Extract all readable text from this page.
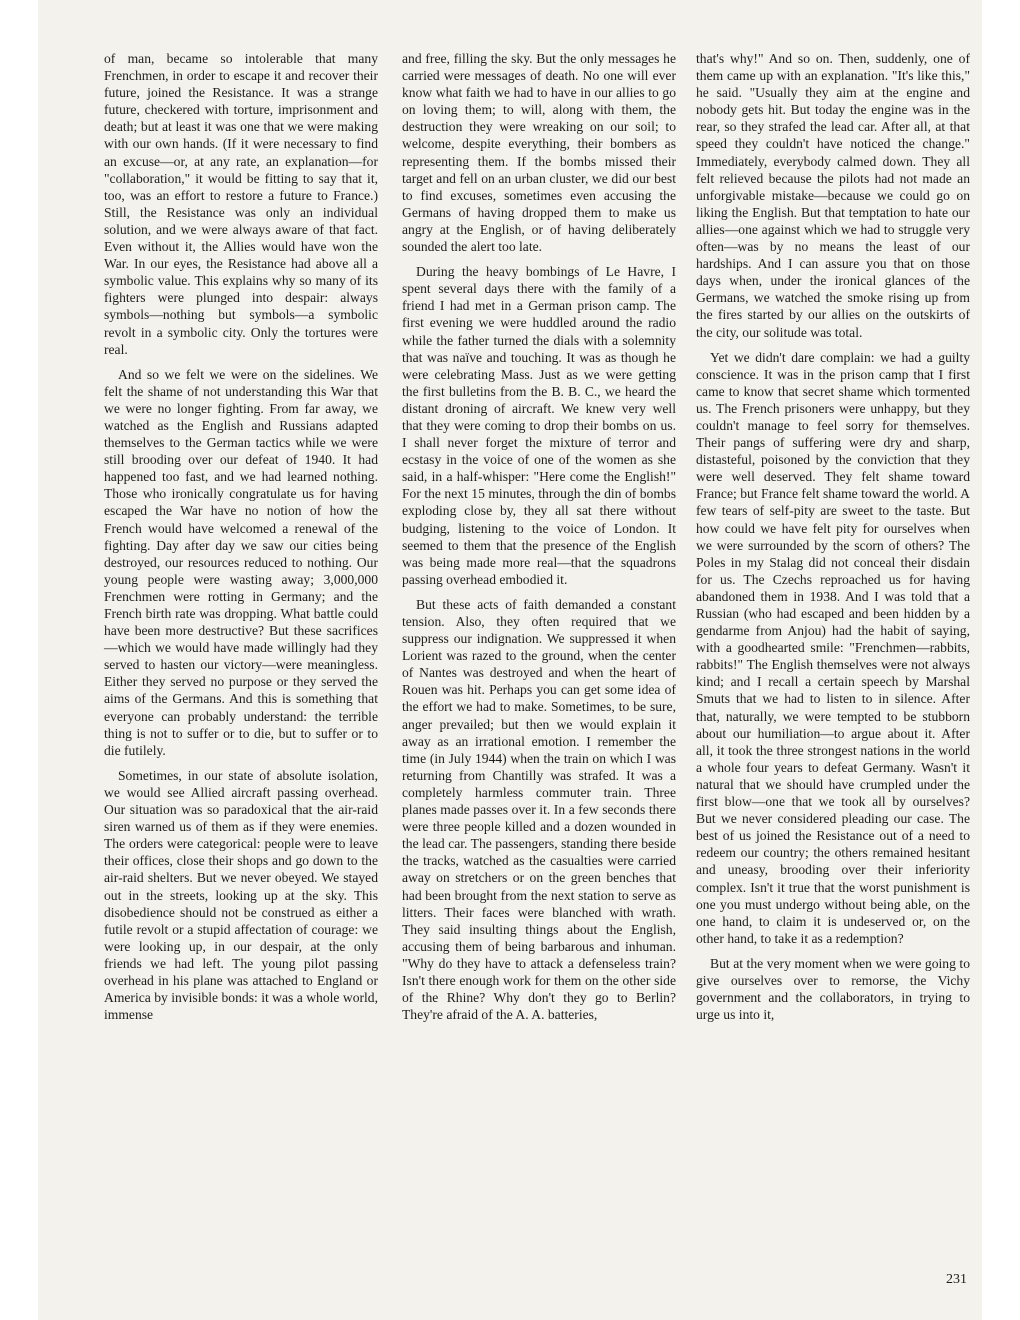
of man, became so intolerable that many Frenchmen, in order to escape it and recover their future, joined the Resistance. It was a strange future, checkered with torture, imprisonment and death; but at least it was one that we were making with our own hands. (If it were necessary to find an excuse—or, at any rate, an explanation—for "collaboration," it would be fitting to say that it, too, was an effort to restore a future to France.) Still, the Resistance was only an individual solution, and we were always aware of that fact. Even without it, the Allies would have won the War. In our eyes, the Resistance had above all a symbolic value. This explains why so many of its fighters were plunged into despair: always symbols—nothing but symbols—a symbolic revolt in a symbolic city. Only the tortures were real.

And so we felt we were on the sidelines. We felt the shame of not understanding this War that we were no longer fighting. From far away, we watched as the English and Russians adapted themselves to the German tactics while we were still brooding over our defeat of 1940. It had happened too fast, and we had learned nothing. Those who ironically congratulate us for having escaped the War have no notion of how the French would have welcomed a renewal of the fighting. Day after day we saw our cities being destroyed, our resources reduced to nothing. Our young people were wasting away; 3,000,000 Frenchmen were rotting in Germany; and the French birth rate was dropping. What battle could have been more destructive? But these sacrifices—which we would have made willingly had they served to hasten our victory—were meaningless. Either they served no purpose or they served the aims of the Germans. And this is something that everyone can probably understand: the terrible thing is not to suffer or to die, but to suffer or to die futilely.

Sometimes, in our state of absolute isolation, we would see Allied aircraft passing overhead. Our situation was so paradoxical that the air-raid siren warned us of them as if they were enemies. The orders were categorical: people were to leave their offices, close their shops and go down to the air-raid shelters. But we never obeyed. We stayed out in the streets, looking up at the sky. This disobedience should not be construed as either a futile revolt or a stupid affectation of courage: we were looking up, in our despair, at the only friends we had left. The young pilot passing overhead in his plane was attached to England or America by invisible bonds: it was a whole world, immense

and free, filling the sky. But the only messages he carried were messages of death. No one will ever know what faith we had to have in our allies to go on loving them; to will, along with them, the destruction they were wreaking on our soil; to welcome, despite everything, their bombers as representing them. If the bombs missed their target and fell on an urban cluster, we did our best to find excuses, sometimes even accusing the Germans of having dropped them to make us angry at the English, or of having deliberately sounded the alert too late.

During the heavy bombings of Le Havre, I spent several days there with the family of a friend I had met in a German prison camp. The first evening we were huddled around the radio while the father turned the dials with a solemnity that was naïve and touching. It was as though he were celebrating Mass. Just as we were getting the first bulletins from the B. B. C., we heard the distant droning of aircraft. We knew very well that they were coming to drop their bombs on us. I shall never forget the mixture of terror and ecstasy in the voice of one of the women as she said, in a half-whisper: "Here come the English!" For the next 15 minutes, through the din of bombs exploding close by, they all sat there without budging, listening to the voice of London. It seemed to them that the presence of the English was being made more real—that the squadrons passing overhead embodied it.

But these acts of faith demanded a constant tension. Also, they often required that we suppress our indignation. We suppressed it when Lorient was razed to the ground, when the center of Nantes was destroyed and when the heart of Rouen was hit. Perhaps you can get some idea of the effort we had to make. Sometimes, to be sure, anger prevailed; but then we would explain it away as an irrational emotion. I remember the time (in July 1944) when the train on which I was returning from Chantilly was strafed. It was a completely harmless commuter train. Three planes made passes over it. In a few seconds there were three people killed and a dozen wounded in the lead car. The passengers, standing there beside the tracks, watched as the casualties were carried away on stretchers or on the green benches that had been brought from the next station to serve as litters. Their faces were blanched with wrath. They said insulting things about the English, accusing them of being barbarous and inhuman. "Why do they have to attack a defenseless train? Isn't there enough work for them on the other side of the Rhine? Why don't they go to Berlin? They're afraid of the A. A. batteries,

that's why!" And so on. Then, suddenly, one of them came up with an explanation. "It's like this," he said. "Usually they aim at the engine and nobody gets hit. But today the engine was in the rear, so they strafed the lead car. After all, at that speed they couldn't have noticed the change." Immediately, everybody calmed down. They all felt relieved because the pilots had not made an unforgivable mistake—because we could go on liking the English. But that temptation to hate our allies—one against which we had to struggle very often—was by no means the least of our hardships. And I can assure you that on those days when, under the ironical glances of the Germans, we watched the smoke rising up from the fires started by our allies on the outskirts of the city, our solitude was total.

Yet we didn't dare complain: we had a guilty conscience. It was in the prison camp that I first came to know that secret shame which tormented us. The French prisoners were unhappy, but they couldn't manage to feel sorry for themselves. Their pangs of suffering were dry and sharp, distasteful, poisoned by the conviction that they were well deserved. They felt shame toward France; but France felt shame toward the world. A few tears of self-pity are sweet to the taste. But how could we have felt pity for ourselves when we were surrounded by the scorn of others? The Poles in my Stalag did not conceal their disdain for us. The Czechs reproached us for having abandoned them in 1938. And I was told that a Russian (who had escaped and been hidden by a gendarme from Anjou) had the habit of saying, with a goodhearted smile: "Frenchmen—rabbits, rabbits!" The English themselves were not always kind; and I recall a certain speech by Marshal Smuts that we had to listen to in silence. After that, naturally, we were tempted to be stubborn about our humiliation—to argue about it. After all, it took the three strongest nations in the world a whole four years to defeat Germany. Wasn't it natural that we should have crumpled under the first blow—one that we took all by ourselves? But we never considered pleading our case. The best of us joined the Resistance out of a need to redeem our country; the others remained hesitant and uneasy, brooding over their inferiority complex. Isn't it true that the worst punishment is one you must undergo without being able, on the one hand, to claim it is undeserved or, on the other hand, to take it as a redemption?

But at the very moment when we were going to give ourselves over to remorse, the Vichy government and the collaborators, in trying to urge us into it,

231
